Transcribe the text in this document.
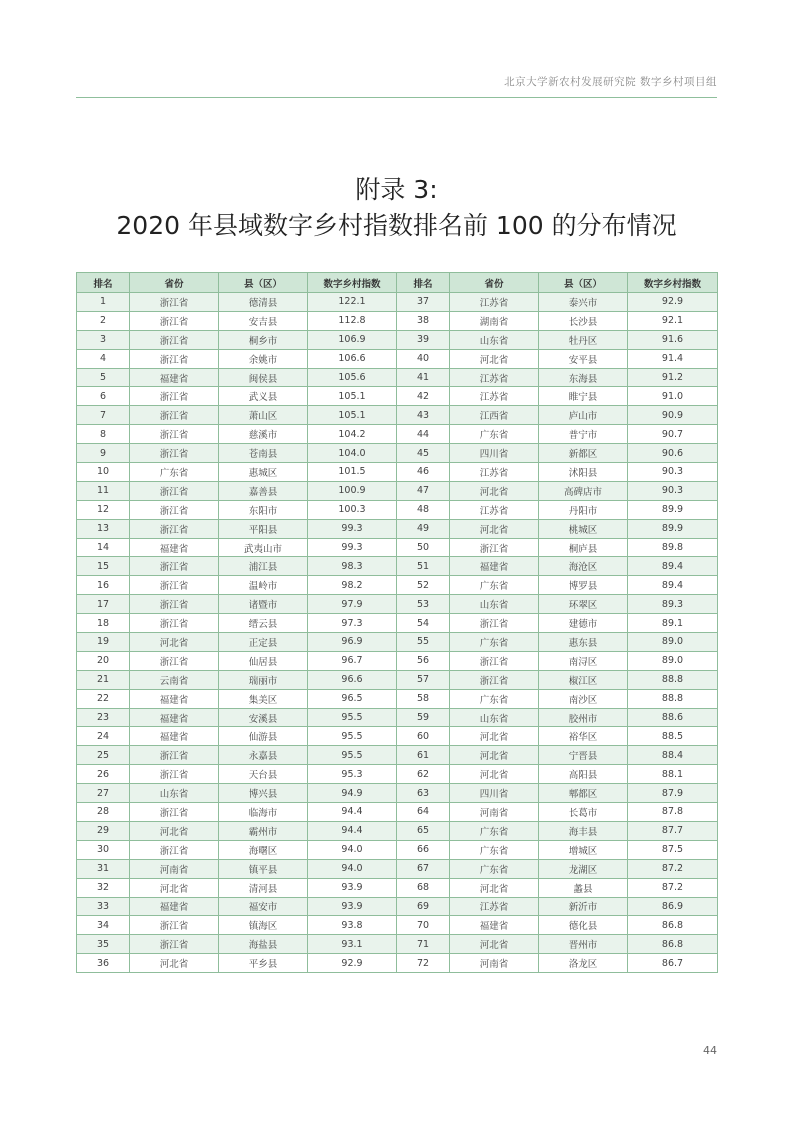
北京大学新农村发展研究院 数字乡村项目组
附录 3:
2020 年县域数字乡村指数排名前 100 的分布情况
排名	省份	县（区）	数字乡村指数	排名	省份	县（区）	数字乡村指数
1	浙江省	德清县	122.1	37	江苏省	泰兴市	92.9
2	浙江省	安吉县	112.8	38	湖南省	长沙县	92.1
3	浙江省	桐乡市	106.9	39	山东省	牡丹区	91.6
4	浙江省	余姚市	106.6	40	河北省	安平县	91.4
5	福建省	闽侯县	105.6	41	江苏省	东海县	91.2
6	浙江省	武义县	105.1	42	江苏省	睢宁县	91.0
7	浙江省	萧山区	105.1	43	江西省	庐山市	90.9
8	浙江省	慈溪市	104.2	44	广东省	普宁市	90.7
9	浙江省	苍南县	104.0	45	四川省	新都区	90.6
10	广东省	惠城区	101.5	46	江苏省	沭阳县	90.3
11	浙江省	嘉善县	100.9	47	河北省	高碑店市	90.3
12	浙江省	东阳市	100.3	48	江苏省	丹阳市	89.9
13	浙江省	平阳县	99.3	49	河北省	桃城区	89.9
14	福建省	武夷山市	99.3	50	浙江省	桐庐县	89.8
15	浙江省	浦江县	98.3	51	福建省	海沧区	89.4
16	浙江省	温岭市	98.2	52	广东省	博罗县	89.4
17	浙江省	诸暨市	97.9	53	山东省	环翠区	89.3
18	浙江省	缙云县	97.3	54	浙江省	建德市	89.1
19	河北省	正定县	96.9	55	广东省	惠东县	89.0
20	浙江省	仙居县	96.7	56	浙江省	南浔区	89.0
21	云南省	瑞丽市	96.6	57	浙江省	椒江区	88.8
22	福建省	集美区	96.5	58	广东省	南沙区	88.8
23	福建省	安溪县	95.5	59	山东省	胶州市	88.6
24	福建省	仙游县	95.5	60	河北省	裕华区	88.5
25	浙江省	永嘉县	95.5	61	河北省	宁晋县	88.4
26	浙江省	天台县	95.3	62	河北省	高阳县	88.1
27	山东省	博兴县	94.9	63	四川省	郫都区	87.9
28	浙江省	临海市	94.4	64	河南省	长葛市	87.8
29	河北省	霸州市	94.4	65	广东省	海丰县	87.7
30	浙江省	海曙区	94.0	66	广东省	增城区	87.5
31	河南省	镇平县	94.0	67	广东省	龙湖区	87.2
32	河北省	清河县	93.9	68	河北省	蠡县	87.2
33	福建省	福安市	93.9	69	江苏省	新沂市	86.9
34	浙江省	镇海区	93.8	70	福建省	德化县	86.8
35	浙江省	海盐县	93.1	71	河北省	晋州市	86.8
36	河北省	平乡县	92.9	72	河南省	洛龙区	86.7
44
